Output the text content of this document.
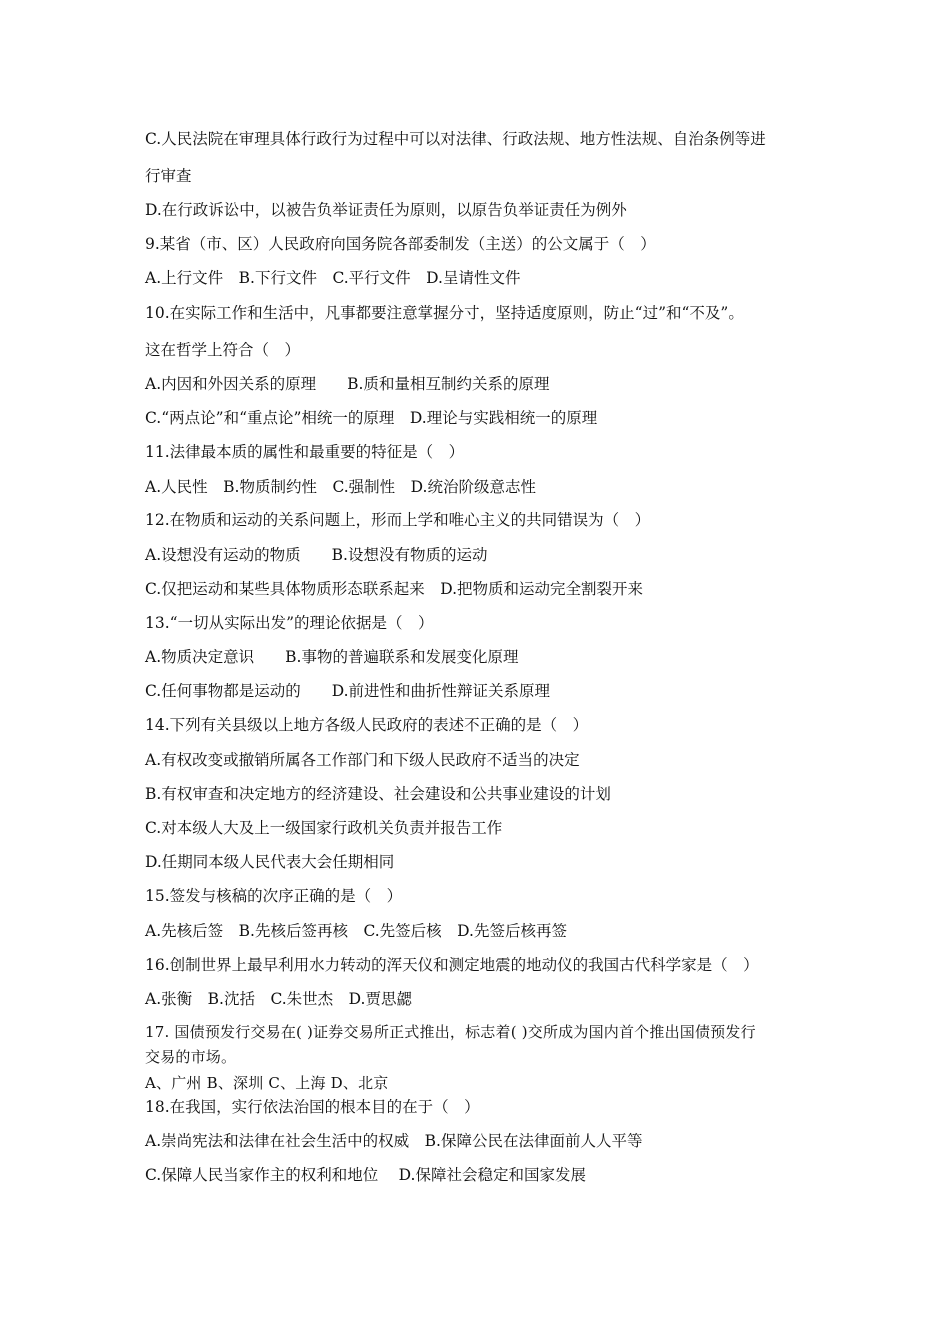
C.人民法院在审理具体行政行为过程中可以对法律、行政法规、地方性法规、自治条例等进
行审查
D.在行政诉讼中，以被告负举证责任为原则，以原告负举证责任为例外
9.某省（市、区）人民政府向国务院各部委制发（主送）的公文属于（　）
A.上行文件　B.下行文件　C.平行文件　D.呈请性文件
10.在实际工作和生活中，凡事都要注意掌握分寸，坚持适度原则，防止“过”和“不及”。
这在哲学上符合（　）
A.内因和外因关系的原理　　B.质和量相互制约关系的原理
C.“两点论”和“重点论”相统一的原理　D.理论与实践相统一的原理
11.法律最本质的属性和最重要的特征是（　）
A.人民性　B.物质制约性　C.强制性　D.统治阶级意志性
12.在物质和运动的关系问题上，形而上学和唯心主义的共同错误为（　）
A.设想没有运动的物质　　B.设想没有物质的运动
C.仅把运动和某些具体物质形态联系起来　D.把物质和运动完全割裂开来
13.“一切从实际出发”的理论依据是（　）
A.物质决定意识　　B.事物的普遍联系和发展变化原理
C.任何事物都是运动的　　D.前进性和曲折性辩证关系原理
14.下列有关县级以上地方各级人民政府的表述不正确的是（　）
A.有权改变或撤销所属各工作部门和下级人民政府不适当的决定
B.有权审查和决定地方的经济建设、社会建设和公共事业建设的计划
C.对本级人大及上一级国家行政机关负责并报告工作
D.任期同本级人民代表大会任期相同
15.签发与核稿的次序正确的是（　）
A.先核后签　B.先核后签再核　C.先签后核　D.先签后核再签
16.创制世界上最早利用水力转动的浑天仪和测定地震的地动仪的我国古代科学家是（　）
A.张衡　B.沈括　C.朱世杰　D.贾思勰
17. 国债预发行交易在( )证券交易所正式推出，标志着( )交所成为国内首个推出国债预发行
交易的市场。
A、广州 B、深圳 C、上海 D、北京
18.在我国，实行依法治国的根本目的在于（　）
A.崇尚宪法和法律在社会生活中的权威　B.保障公民在法律面前人人平等
C.保障人民当家作主的权利和地位　 D.保障社会稳定和国家发展
